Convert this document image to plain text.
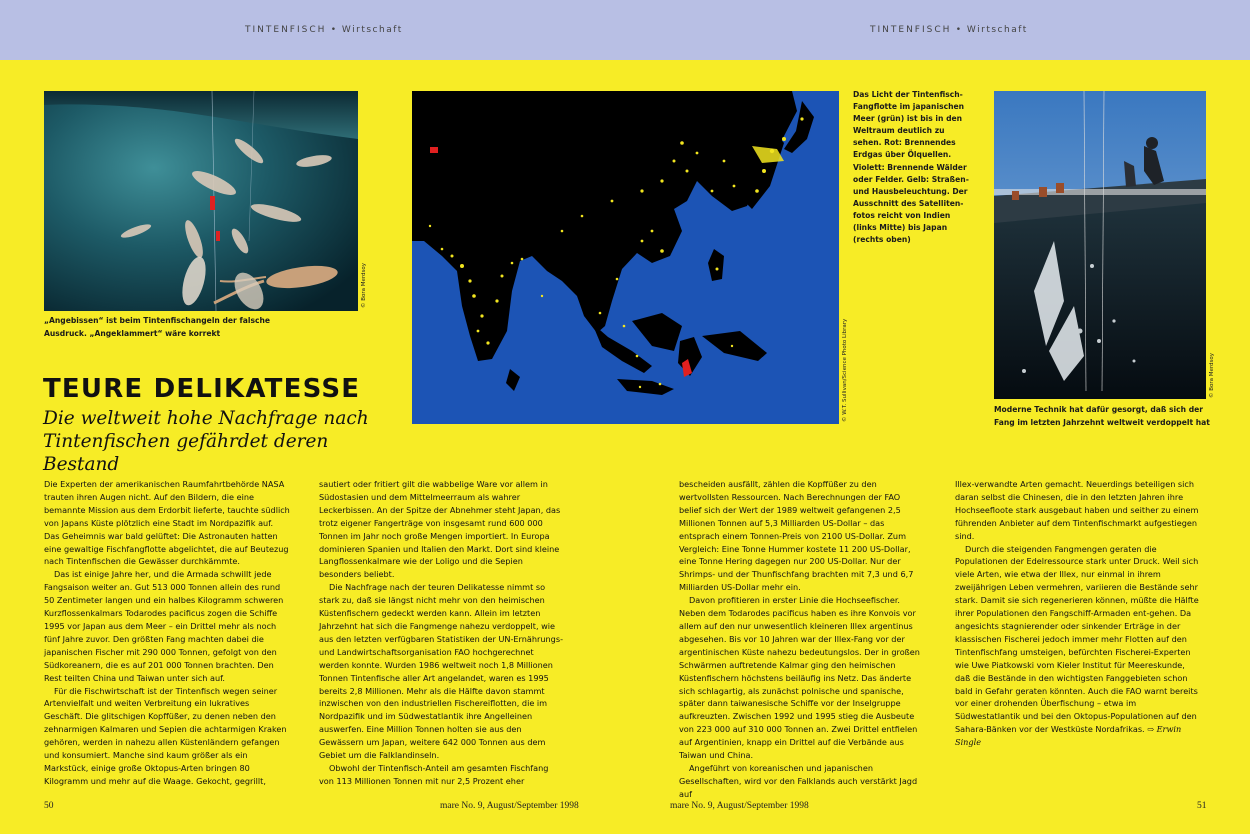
TINTENFISCH • Wirtschaft	TINTENFISCH • Wirtschaft
© Bora Merdsoy
„Angebissen“ ist beim Tintenfischangeln der falsche
Ausdruck. „Angeklammert“ wäre korrekt	© W.T. Sullivan/Science Photo Library
Das Licht der Tintenfisch-
Fangflotte im japanischen
Meer (grün) ist bis in den
Weltraum deutlich zu
sehen. Rot: Brennendes
Erdgas über Ölquellen.
Violett: Brennende Wälder
oder Felder. Gelb: Straßen-
und Hausbeleuchtung. Der
Ausschnitt des Satelliten-
fotos reicht von Indien
(links Mitte) bis Japan
(rechts oben)
© Bora Merdsoy
Moderne Technik hat dafür gesorgt, daß sich der
Fang im letzten Jahrzehnt weltweit verdoppelt hat
TEURE DELIKATESSE
Die weltweit hohe Nachfrage nach
Tintenfischen gefährdet deren Bestand

Die Experten der amerikanischen Raumfahrtbehörde NASA trauten ihren Augen nicht. Auf den Bildern, die eine bemannte Mission aus dem Erdorbit lieferte, tauchte südlich von Japans Küste plötzlich eine Stadt im Nordpazifik auf. Das Geheimnis war bald gelüftet: Die Astronauten hatten eine gewaltige Fischfangflotte abgelichtet, die auf Beutezug nach Tintenfischen die Gewässer durchkämmte.

Das ist einige Jahre her, und die Armada schwillt jede Fangsaison weiter an. Gut 513 000 Tonnen allein des rund 50 Zentimeter langen und ein halbes Kilogramm schweren Kurzflossenkalmars Todarodes pacificus zogen die Schiffe 1995 vor Japan aus dem Meer – ein Drittel mehr als noch fünf Jahre zuvor. Den größten Fang machten dabei die japanischen Fischer mit 290 000 Tonnen, gefolgt von den Südkoreanern, die es auf 201 000 Tonnen brachten. Den Rest teilten China und Taiwan unter sich auf.

Für die Fischwirtschaft ist der Tintenfisch wegen seiner Artenvielfalt und weiten Verbreitung ein lukratives Geschäft. Die glitschigen Kopffüßer, zu denen neben den zehnarmigen Kalmaren und Sepien die achtarmigen Kraken gehören, werden in nahezu allen Küstenländern gefangen und konsumiert. Manche sind kaum größer als ein Markstück, einige große Oktopus-Arten bringen 80 Kilogramm und mehr auf die Waage. Gekocht, gegrillt,

sautiert oder fritiert gilt die wabbelige Ware vor allem in Südostasien und dem Mittelmeerraum als wahrer Leckerbissen. An der Spitze der Abnehmer steht Japan, das trotz eigener Fangerträge von insgesamt rund 600 000 Tonnen im Jahr noch große Mengen importiert. In Europa dominieren Spanien und Italien den Markt. Dort sind kleine Langflossenkalmare wie der Loligo und die Sepien besonders beliebt.

Die Nachfrage nach der teuren Delikatesse nimmt so stark zu, daß sie längst nicht mehr von den heimischen Küstenfischern gedeckt werden kann. Allein im letzten Jahrzehnt hat sich die Fangmenge nahezu verdoppelt, wie aus den letzten verfügbaren Statistiken der UN-Ernährungs- und Landwirtschaftsorganisation FAO hochgerechnet werden konnte. Wurden 1986 weltweit noch 1,8 Millionen Tonnen Tintenfische aller Art angelandet, waren es 1995 bereits 2,8 Millionen. Mehr als die Hälfte davon stammt inzwischen von den industriellen Fischereiflotten, die im Nordpazifik und im Südwestatlantik ihre Angelleinen auswerfen. Eine Million Tonnen holten sie aus den Gewässern um Japan, weitere 642 000 Tonnen aus dem Gebiet um die Falklandinseln.

Obwohl der Tintenfisch-Anteil am gesamten Fischfang von 113 Millionen Tonnen mit nur 2,5 Prozent eher

bescheiden ausfällt, zählen die Kopffüßer zu den wertvollsten Ressourcen. Nach Berechnungen der FAO belief sich der Wert der 1989 weltweit gefangenen 2,5 Millionen Tonnen auf 5,3 Milliarden US-Dollar – das entsprach einem Tonnen-Preis von 2100 US-Dollar. Zum Vergleich: Eine Tonne Hummer kostete 11 200 US-Dollar, eine Tonne Hering dagegen nur 200 US-Dollar. Nur der Shrimps- und der Thunfischfang brachten mit 7,3 und 6,7 Milliarden US-Dollar mehr ein.

Davon profitieren in erster Linie die Hochseefischer. Neben dem Todarodes pacificus haben es ihre Konvois vor allem auf den nur unwesentlich kleineren Illex argentinus abgesehen. Bis vor 10 Jahren war der Illex-Fang vor der argentinischen Küste nahezu bedeutungslos. Der in großen Schwärmen auftretende Kalmar ging den heimischen Küstenfischern höchstens beiläufig ins Netz. Das änderte sich schlagartig, als zunächst polnische und spanische, später dann taiwanesische Schiffe vor der Inselgruppe aufkreuzten. Zwischen 1992 und 1995 stieg die Ausbeute von 223 000 auf 310 000 Tonnen an. Zwei Drittel entfielen auf Argentinien, knapp ein Drittel auf die Verbände aus Taiwan und China.

Angeführt von koreanischen und japanischen Gesellschaften, wird vor den Falklands auch verstärkt Jagd auf

Illex-verwandte Arten gemacht. Neuerdings beteiligen sich daran selbst die Chinesen, die in den letzten Jahren ihre Hochseefloote stark ausgebaut haben und seither zu einem führenden Anbieter auf dem Tintenfischmarkt aufgestiegen sind.

Durch die steigenden Fangmengen geraten die Populationen der Edelressource stark unter Druck. Weil sich viele Arten, wie etwa der Illex, nur einmal in ihrem zweijährigen Leben vermehren, variieren die Bestände sehr stark. Damit sie sich regenerieren können, müßte die Hälfte ihrer Populationen den Fangschiff-Armaden ent-gehen. Da angesichts stagnierender oder sinkender Erträge in der klassischen Fischerei jedoch immer mehr Flotten auf den Tintenfischfang umsteigen, befürchten Fischerei-Experten wie Uwe Piatkowski vom Kieler Institut für Meereskunde, daß die Bestände in den wichtigsten Fanggebieten schon bald in Gefahr geraten könnten. Auch die FAO warnt bereits vor einer drohenden Überfischung – etwa im Südwestatlantik und bei den Oktopus-Populationen auf den Sahara-Bänken vor der Westküste Nordafrikas. ⇨ Erwin Single

50	mare No. 9, August/September 1998	mare No. 9, August/September 1998	51
